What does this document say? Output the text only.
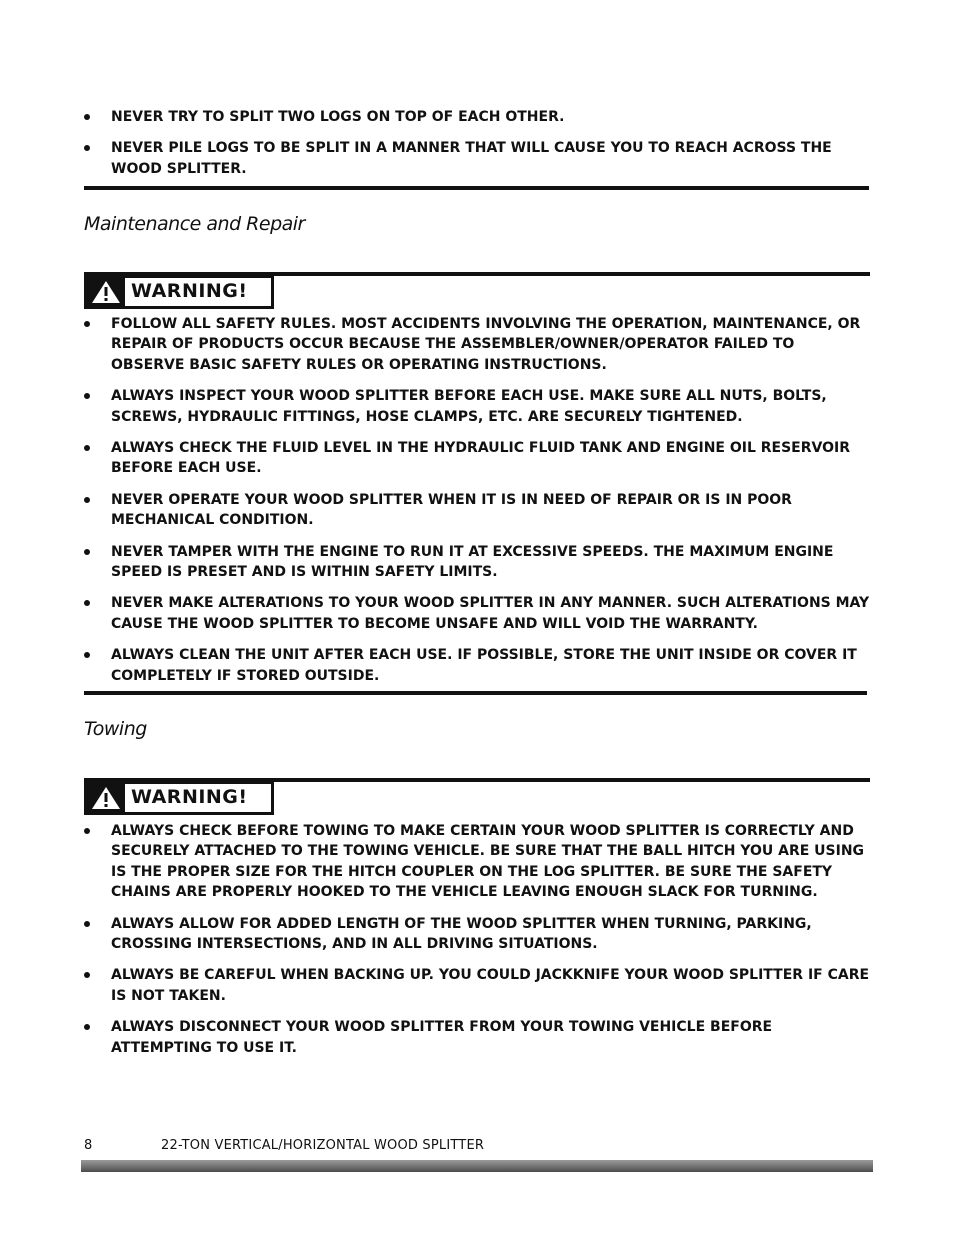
NEVER TRY TO SPLIT TWO LOGS ON TOP OF EACH OTHER.
NEVER PILE LOGS TO BE SPLIT IN A MANNER THAT WILL CAUSE YOU TO REACH ACROSS THE WOOD SPLITTER.
Maintenance and Repair
WARNING!
FOLLOW ALL SAFETY RULES. MOST ACCIDENTS INVOLVING THE OPERATION, MAINTENANCE, OR REPAIR OF PRODUCTS OCCUR BECAUSE THE ASSEMBLER/OWNER/OPERATOR FAILED TO OBSERVE BASIC SAFETY RULES OR OPERATING INSTRUCTIONS.
ALWAYS INSPECT YOUR WOOD SPLITTER BEFORE EACH USE. MAKE SURE ALL NUTS, BOLTS, SCREWS, HYDRAULIC FITTINGS, HOSE CLAMPS, ETC. ARE SECURELY TIGHTENED.
ALWAYS CHECK THE FLUID LEVEL IN THE HYDRAULIC FLUID TANK AND ENGINE OIL RESERVOIR BEFORE EACH USE.
NEVER OPERATE YOUR WOOD SPLITTER WHEN IT IS IN NEED OF REPAIR OR IS IN POOR MECHANICAL CONDITION.
NEVER TAMPER WITH THE ENGINE TO RUN IT AT EXCESSIVE SPEEDS. THE MAXIMUM ENGINE SPEED IS PRESET AND IS WITHIN SAFETY LIMITS.
NEVER MAKE ALTERATIONS TO YOUR WOOD SPLITTER IN ANY MANNER. SUCH ALTERATIONS MAY CAUSE THE WOOD SPLITTER TO BECOME UNSAFE AND WILL VOID THE WARRANTY.
ALWAYS CLEAN THE UNIT AFTER EACH USE. IF POSSIBLE, STORE THE UNIT INSIDE OR COVER IT COMPLETELY IF STORED OUTSIDE.
Towing
WARNING!
ALWAYS CHECK BEFORE TOWING TO MAKE CERTAIN YOUR WOOD SPLITTER IS CORRECTLY AND SECURELY ATTACHED TO THE TOWING VEHICLE. BE SURE THAT THE BALL HITCH YOU ARE USING IS THE PROPER SIZE FOR THE HITCH COUPLER ON THE LOG SPLITTER. BE SURE THE SAFETY CHAINS ARE PROPERLY HOOKED TO THE VEHICLE LEAVING ENOUGH SLACK FOR TURNING.
ALWAYS ALLOW FOR ADDED LENGTH OF THE WOOD SPLITTER WHEN TURNING, PARKING, CROSSING INTERSECTIONS, AND IN ALL DRIVING SITUATIONS.
ALWAYS BE CAREFUL WHEN BACKING UP. YOU COULD JACKKNIFE YOUR WOOD SPLITTER IF CARE IS NOT TAKEN.
ALWAYS DISCONNECT YOUR WOOD SPLITTER FROM YOUR TOWING VEHICLE BEFORE ATTEMPTING TO USE IT.
8	22-TON VERTICAL/HORIZONTAL WOOD SPLITTER
